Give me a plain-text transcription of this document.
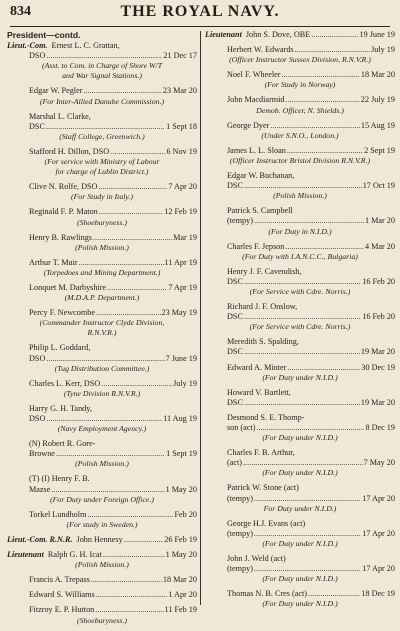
834	THE ROYAL NAVY.
President—contd.
Lieut.-Com. Ernest L. C. Grattan,
DSO .....	21 Dec 17
(Asst. to Com. in Charge of Shore W/T
and War Signal Stations.)
Edgar W. Pegler .....	23 Mar 20
(For Inter-Allied Danube Commission.)
Marshal L. Clarke,
DSC .....	1 Sept 18
(Staff College, Greenwich.)
Stafford H. Dillon, DSO .....	6 Nov 19
(For service with Ministry of Labour
for charge of Lublin District.)
Clive N. Rolfe, DSO .....	7 Apr 20
(For Study in Italy.)
Reginald F. P. Maton .....	12 Feb 19
(Shoeburyness.)
Henry B. Rawlings .....	Mar 19
(Polish Mission.)
Arthur T. Muir .....	11 Apr 19
(Torpedoes and Mining Department.)
Lonquet M. Darbyshire .....	7 Apr 19
(M.D.A.P. Department.)
Percy F. Newcombe .....	23 May 19
(Commander Instructor Clyde Division,
R.N.V.R.)
Philip L. Goddard,
DSO .....	7 June 19
(Tug Distribution Committee.)
Charles L. Kerr, DSO .....	July 19
(Tyne Division R.N.V.R.)
Harry G. H. Tandy,
DSO .....	11 Aug 19
(Navy Employment Agency.)
(N) Robert R. Gore-
Browne .....	1 Sept 19
(Polish Mission.)
(T) (I) Henry F. B.
Mazse .....	1 May 20
(For Duty under Foreign Office.)
Torkel Lundholm .....	Feb 20
(For study in Sweden.)
Lieut.-Com. R.N.R. John Hennesy .....	26 Feb 19
Lieutenant Ralph G. H. Icat .....	1 May 20
(Polish Mission.)
Francis A. Trepass .....	18 Mar 20
Edward S. Williams .....	1 Apr 20
Fitzroy E. P. Hutton .....	11 Feb 19
(Shoeburyness.)
Lieutenant John S. Dove, OBE .....	19 June 19
Herbert W. Edwards .....	July 19
(Officer Instructor Sussex Division, R.N.V.R.)
Noel F. Wheeler .....	18 Mar 20
(For Study in Norway)
John Macdiarmid .....	22 July 19
Demob. Officer, N. Shields.)
George Dyer .....	15 Aug 19
(Under S.N.O., London.)
James L. L. Sloan .....	2 Sept 19
(Officer Instructor Bristol Division R.N.V.R.)
Edgar W. Buchanan,
DSC .....	17 Oct 19
(Polish Mission.)
Patrick S. Campbell
(tempy) .....	1 Mar 20
(For Duty in N.I.D.)
Charles F. Jepson .....	4 Mar 20
(For Duty with I.A.N.C.C., Bulgaria)
Henry J. F. Cavendish,
DSC .....	16 Feb 20
(For Service with Cdre. Norris.)
Richard J. F. Onslow,
DSC .....	16 Feb 20
(For Service with Cdre. Norris.)
Meredith S. Spalding,
DSC .....	19 Mar 20
Edward A. Minter .....	30 Dec 19
(For Duty under N.I.D.)
Howard V. Bartlett,
DSC .....	19 Mar 20
Desmond S. E. Thomp-
son (act) .....	8 Dec 19
(For Duty under N.I.D.)
Charles F. B. Arthur,
(act) .....	7 May 20
(For Duty under N.I.D.)
Patrick W. Stone (act)
(tempy) .....	17 Apr 20
For Duty under N.I.D.)
George H.J. Evans (act)
(tempy) .....	17 Apr 20
(For Duty under N.I.D.)
John J. Weld (act)
(tempy) .....	17 Apr 20
(For Duty under N.I.D.)
Thomas N. B. Cres (act) .....	18 Dec 19
(For Duty under N.I.D.)
